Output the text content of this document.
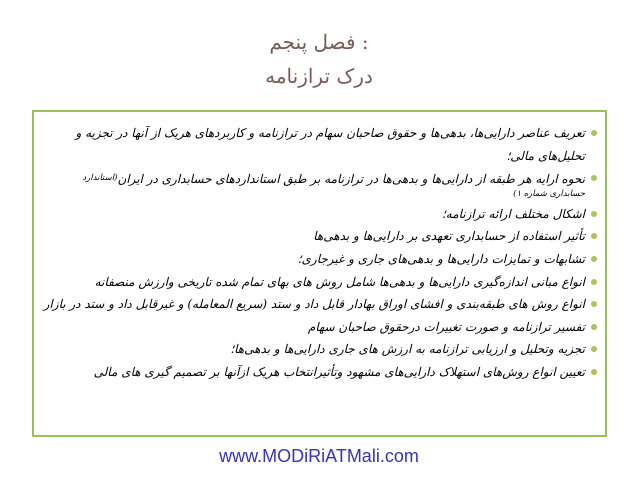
فصل پنجم :
درک ترازنامه
تعریف عناصر دارایی‌ها، بدهی‌ها و حقوق صاحبان سهام در ترازنامه و کاربردهای هریک از آنها در تجزیه و تحلیل‌های مالی؛
نحوه ارایه هر طبقه از دارایی‌ها و بدهی‌ها در ترازنامه بر طبق استانداردهای حسابداری در ایران$^{(استاندارد}$
حسابداری شماره ۱)
اشکال مختلف ارائه ترازنامه؛
تأثیر استفاده از حسابداری تعهدی بر دارایی‌ها و بدهی‌ها
تشابهات و تمایزات دارایی‌ها و بدهی‌های جاری و غیرجاری؛
انواع مبانی اندازه‌گیری دارایی‌ها و بدهی‌ها شامل روش های بهای تمام شده تاریخی وارزش منصفانه
انواع روش های طبقه‌بندی و افشای اوراق بهادار قابل داد و ستد (سریع المعامله) و غیرقابل داد و ستد در بازار
تفسیر ترازنامه و صورت تغییرات درحقوق صاحبان سهام
تجزیه وتحلیل و ارزیابی ترازنامه به ارزش های جاری دارایی‌ها و بدهی‌ها؛
تعیین انواع روش‌های استهلاک دارایی‌های مشهود وتأثیرانتخاب هریک ازآنها بر تصمیم گیری های مالی
www.MODiRiATMali.com
